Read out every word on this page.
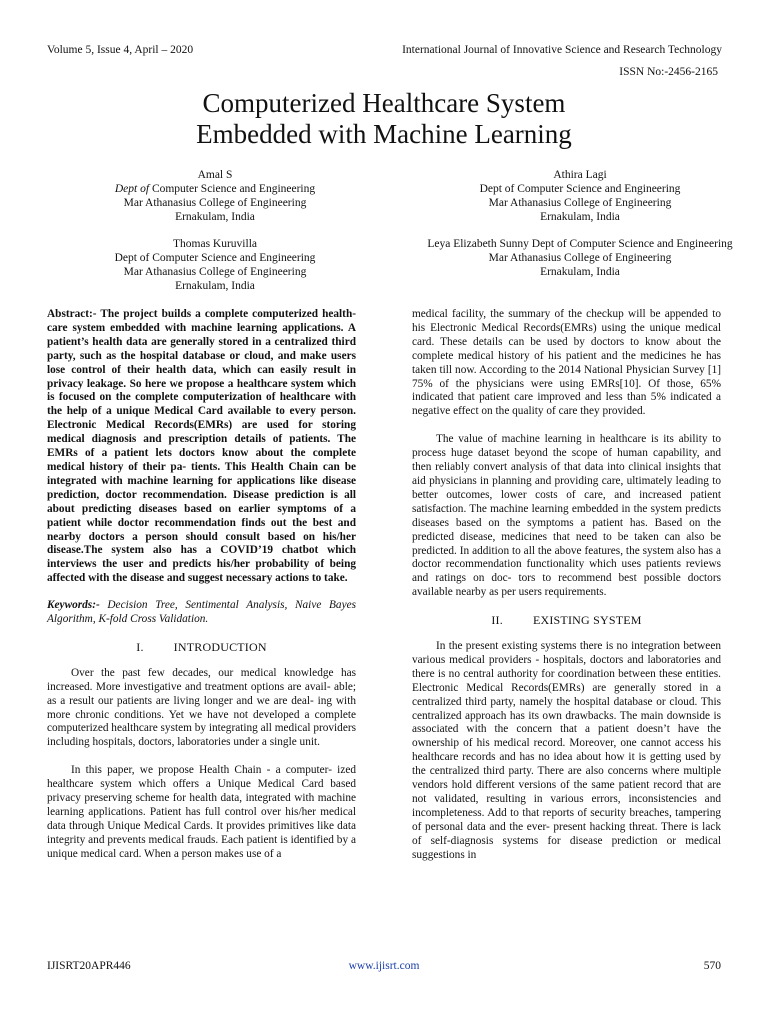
Volume 5, Issue 4, April – 2020	International Journal of Innovative Science and Research Technology
ISSN No:-2456-2165
Computerized Healthcare System
Embedded with Machine Learning
Amal S
Dept of Computer Science and Engineering
Mar Athanasius College of Engineering
Ernakulam, India
Athira Lagi
Dept of Computer Science and Engineering
Mar Athanasius College of Engineering
Ernakulam, India
Thomas Kuruvilla
Dept of Computer Science and Engineering
Mar Athanasius College of Engineering
Ernakulam, India
Leya Elizabeth Sunny Dept of Computer Science and Engineering
Mar Athanasius College of Engineering
Ernakulam, India

Abstract:- The project builds a complete computerized health- care system embedded with machine learning applications. A patient’s health data are generally stored in a centralized third party, such as the hospital database or cloud, and make users lose control of their health data, which can easily result in privacy leakage. So here we propose a healthcare system which is focused on the complete computerization of healthcare with the help of a unique Medical Card available to every person. Electronic Medical Records(EMRs) are used for storing medical diagnosis and prescription details of patients. The EMRs of a patient lets doctors know about the complete medical history of their pa- tients. This Health Chain can be integrated with machine learning for applications like disease prediction, doctor recommendation. Disease prediction is all about predicting diseases based on earlier symptoms of a patient while doctor recommendation finds out the best and nearby doctors a person should consult based on his/her disease.The system also has a COVID’19 chatbot which interviews the user and predicts his/her probability of being affected with the disease and suggest necessary actions to take.

Keywords:- Decision Tree, Sentimental Analysis, Naive Bayes Algorithm, K-fold Cross Validation.

I.	INTRODUCTION

Over the past few decades, our medical knowledge has increased. More investigative and treatment options are avail- able; as a result our patients are living longer and we are deal- ing with more chronic conditions. Yet we have not developed a complete computerized healthcare system by integrating all medical providers including hospitals, doctors, laboratories under a single unit.

In this paper, we propose Health Chain - a computer- ized healthcare system which offers a Unique Medical Card based privacy preserving scheme for health data, integrated with machine learning applications. Patient has full control over his/her medical data through Unique Medical Cards. It provides primitives like data integrity and prevents medical frauds. Each patient is identified by a unique medical card. When a person makes use of a

medical facility, the summary of the checkup will be appended to his Electronic Medical Records(EMRs) using the unique medical card. These details can be used by doctors to know about the complete medical history of his patient and the medicines he has taken till now. According to the 2014 National Physician Survey [1] 75% of the physicians were using EMRs[10]. Of those, 65% indicated that patient care improved and less than 5% indicated a negative effect on the quality of care they provided.

The value of machine learning in healthcare is its ability to process huge dataset beyond the scope of human capability, and then reliably convert analysis of that data into clinical insights that aid physicians in planning and providing care, ultimately leading to better outcomes, lower costs of care, and increased patient satisfaction. The machine learning embedded in the system predicts diseases based on the symptoms a patient has. Based on the predicted disease, medicines that need to be taken can also be predicted. In addition to all the above features, the system also has a doctor recommendation functionality which uses patients reviews and ratings on doc- tors to recommend best possible doctors available nearby as per users requirements.

II.	EXISTING SYSTEM

In the present existing systems there is no integration between various medical providers - hospitals, doctors and laboratories and there is no central authority for coordination between these entities. Electronic Medical Records(EMRs) are generally stored in a centralized third party, namely the hospital database or cloud. This centralized approach has its own drawbacks. The main downside is associated with the concern that a patient doesn’t have the ownership of his medical record. Moreover, one cannot access his healthcare records and has no idea about how it is getting used by the centralized third party. There are also concerns where multiple vendors hold different versions of the same patient record that are not validated, resulting in various errors, inconsistencies and incompleteness. Add to that reports of security breaches, tampering of personal data and the ever- present hacking threat. There is lack of self-diagnosis systems for disease prediction or medical suggestions in

IJISRT20APR446	www.ijisrt.com	570
